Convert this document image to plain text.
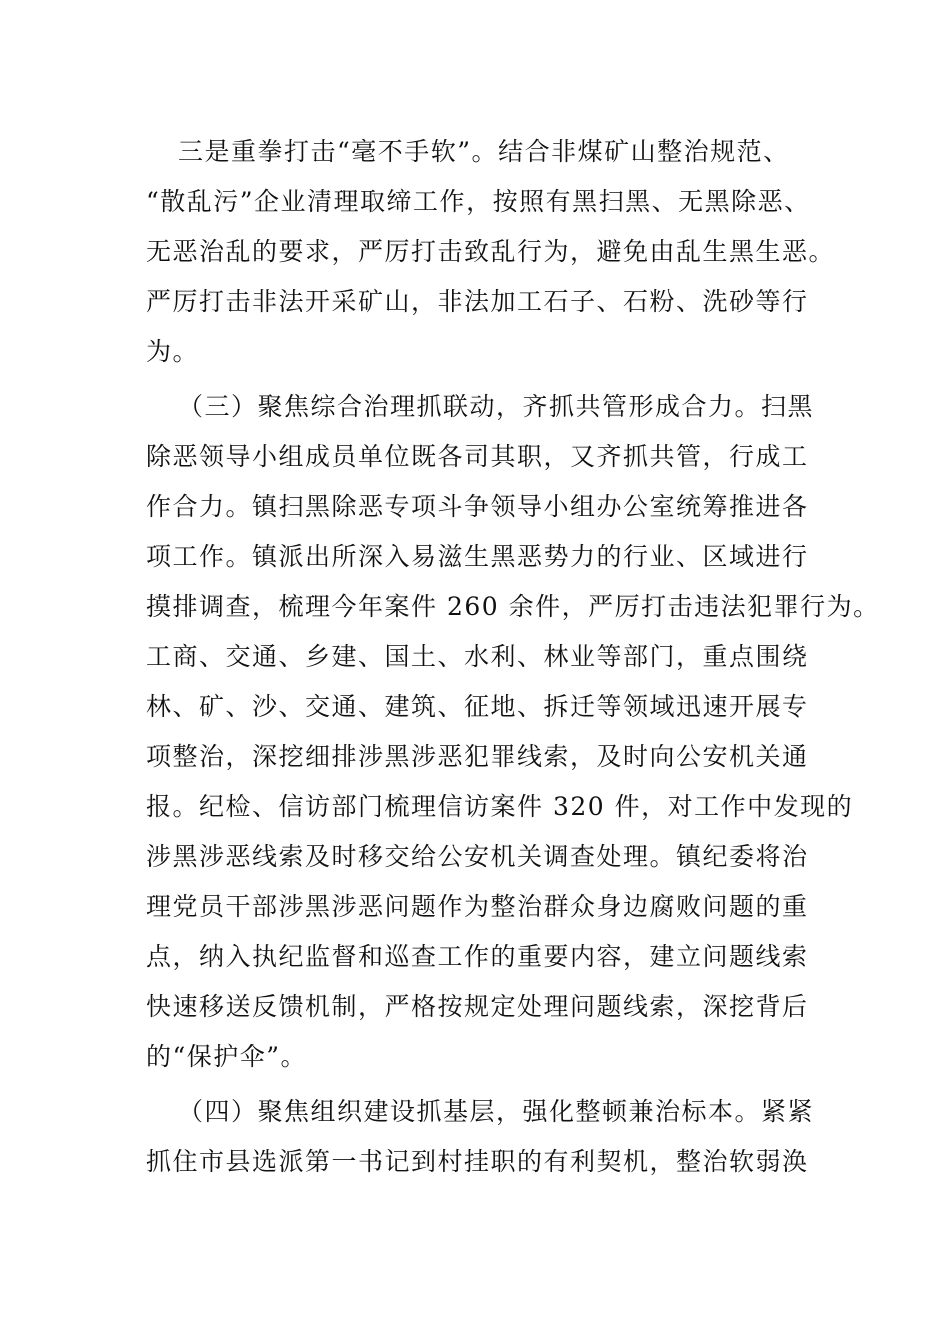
三是重拳打击“毫不手软”。结合非煤矿山整治规范、
“散乱污”企业清理取缔工作，按照有黑扫黑、无黑除恶、
无恶治乱的要求，严厉打击致乱行为，避免由乱生黑生恶。
严厉打击非法开采矿山，非法加工石子、石粉、洗砂等行
为。
（三）聚焦综合治理抓联动，齐抓共管形成合力。扫黑
除恶领导小组成员单位既各司其职，又齐抓共管，行成工
作合力。镇扫黑除恶专项斗争领导小组办公室统筹推进各
项工作。镇派出所深入易滋生黑恶势力的行业、区域进行
摸排调查，梳理今年案件 260 余件，严厉打击违法犯罪行为。
工商、交通、乡建、国土、水利、林业等部门，重点围绕
林、矿、沙、交通、建筑、征地、拆迁等领域迅速开展专
项整治，深挖细排涉黑涉恶犯罪线索，及时向公安机关通
报。纪检、信访部门梳理信访案件 320 件，对工作中发现的
涉黑涉恶线索及时移交给公安机关调查处理。镇纪委将治
理党员干部涉黑涉恶问题作为整治群众身边腐败问题的重
点，纳入执纪监督和巡查工作的重要内容，建立问题线索
快速移送反馈机制，严格按规定处理问题线索，深挖背后
的“保护伞”。
（四）聚焦组织建设抓基层，强化整顿兼治标本。紧紧
抓住市县选派第一书记到村挂职的有利契机，整治软弱涣
